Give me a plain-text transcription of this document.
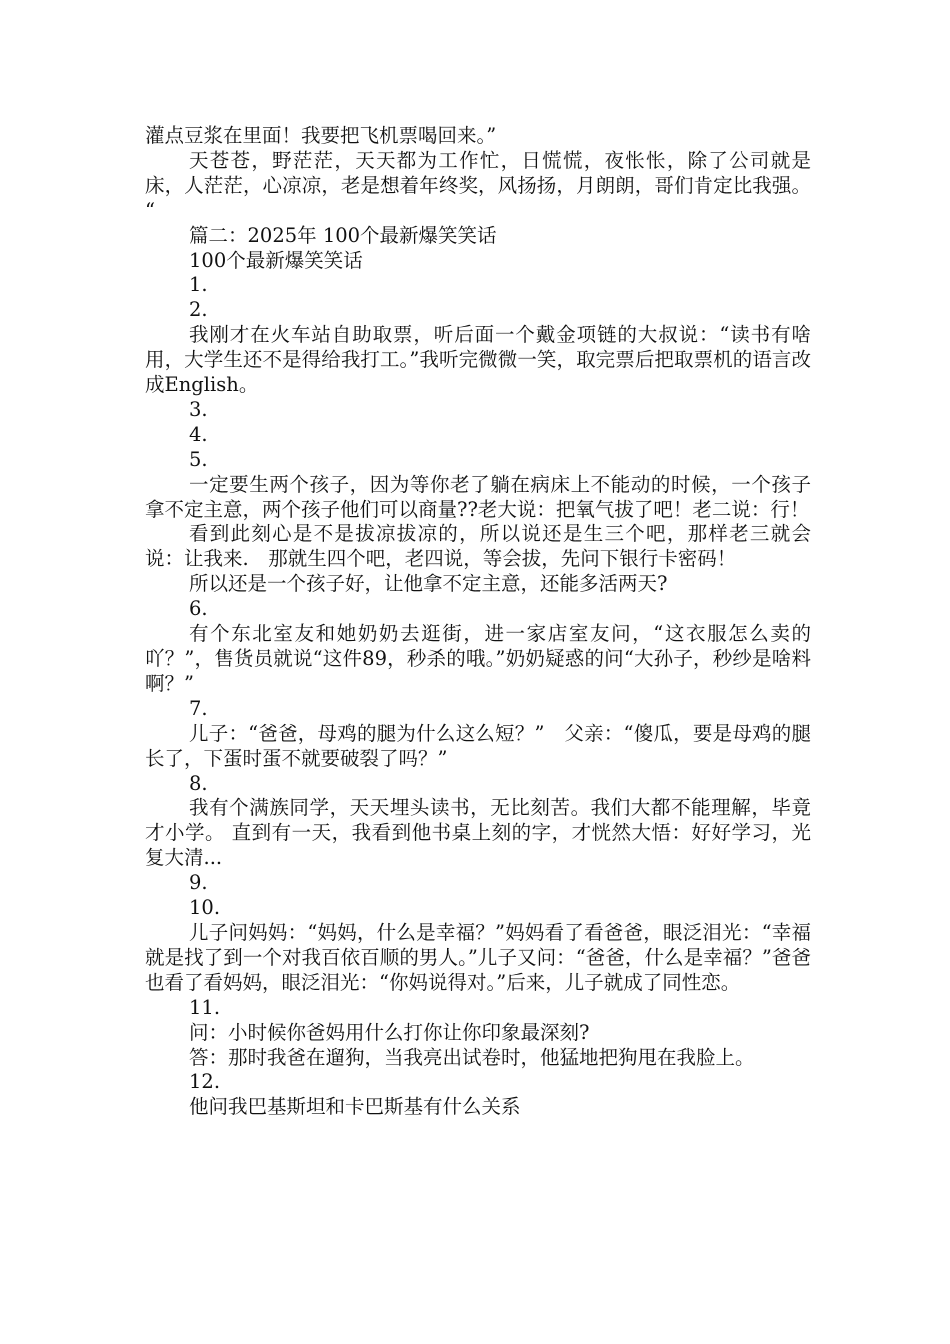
灌点豆浆在里面！我要把飞机票喝回来。”
天苍苍，野茫茫，天天都为工作忙，日慌慌，夜怅怅，除了公司就是床，人茫茫，心凉凉，老是想着年终奖，风扬扬，月朗朗，哥们肯定比我强。 “
篇二：2025年 100个最新爆笑笑话
100个最新爆笑笑话
1.
2.
我刚才在火车站自助取票，听后面一个戴金项链的大叔说：“读书有啥用，大学生还不是得给我打工。”我听完微微一笑，取完票后把取票机的语言改成English。
3.
4.
5.
一定要生两个孩子，因为等你老了躺在病床上不能动的时候，一个孩子拿不定主意，两个孩子他们可以商量??老大说：把氧气拔了吧！老二说：行！
看到此刻心是不是拔凉拔凉的，所以说还是生三个吧，那样老三就会说：让我来.　那就生四个吧，老四说，等会拔，先问下银行卡密码！
所以还是一个孩子好，让他拿不定主意，还能多活两天?
6.
有个东北室友和她奶奶去逛街，进一家店室友问，“这衣服怎么卖的吖？”，售货员就说“这件89，秒杀的哦。”奶奶疑惑的问“大孙子，秒纱是啥料啊？”
7.
儿子：“爸爸，母鸡的腿为什么这么短？”　父亲：“傻瓜，要是母鸡的腿长了，下蛋时蛋不就要破裂了吗？”
8.
我有个满族同学，天天埋头读书，无比刻苦。我们大都不能理解，毕竟才小学。 直到有一天，我看到他书桌上刻的字，才恍然大悟：好好学习，光复大清...
9.
10.
儿子问妈妈：“妈妈，什么是幸福？”妈妈看了看爸爸，眼泛泪光：“幸福就是找了到一个对我百依百顺的男人。”儿子又问：“爸爸，什么是幸福？”爸爸也看了看妈妈，眼泛泪光：“你妈说得对。”后来，儿子就成了同性恋。
11.
问：小时候你爸妈用什么打你让你印象最深刻?
答：那时我爸在遛狗，当我亮出试卷时，他猛地把狗甩在我脸上。
12.
他问我巴基斯坦和卡巴斯基有什么关系
